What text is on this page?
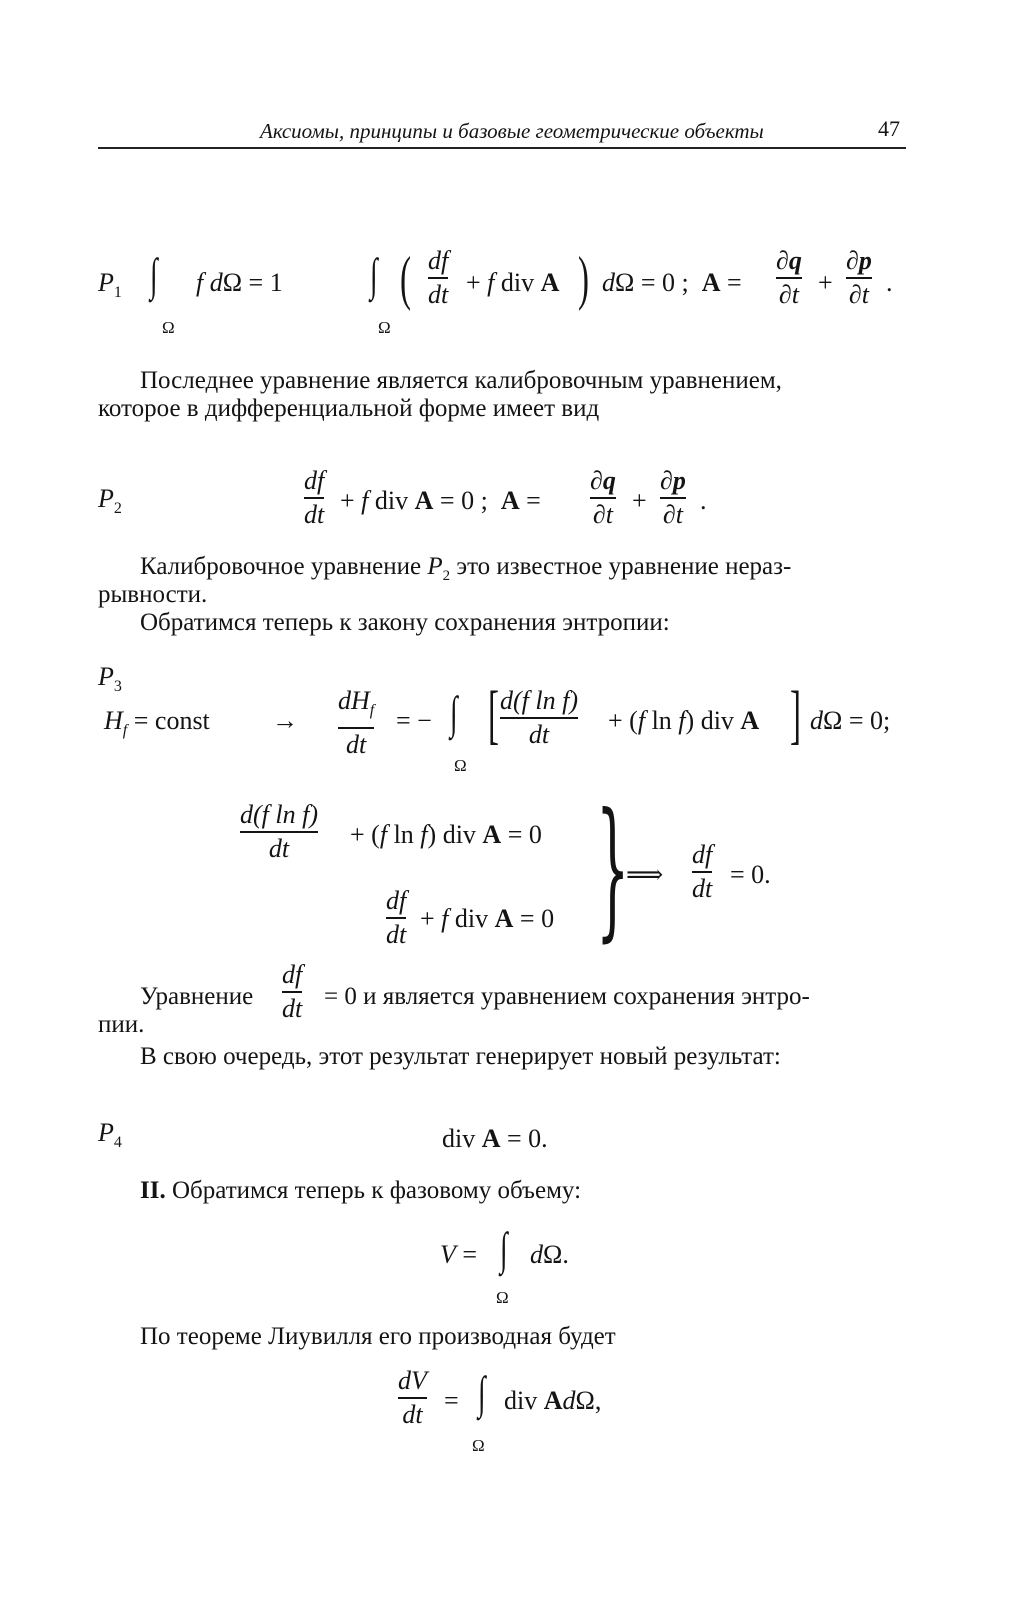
Аксиомы, принципы и базовые геометрические объекты	47
$P_1$ ∫
Ω
f dΩ = 1 ∫
Ω
( df
dt + f div A ) dΩ = 0 ;  A =
∂q
∂t +
∂p
∂t .
Последнее уравнение является калибровочным уравнением,
которое в дифференциальной форме имеет вид
$P_2$
df
dt + f div A = 0 ;  A =
∂q
∂t +
∂p
∂t .
Калибровочное уравнение $P_2$ это известное уравнение нераз-
рывности.
Обратимся теперь к закону сохранения энтропии:
$P_3$
$H_f$ = const →
$dH_f$
dt
= − ∫
Ω
[ d(f ln f)
dt + (f ln f) div A ] dΩ = 0;
d(f ln f)
dt + (f ln f) div A = 0
df
dt
+ f div A = 0 }
⟹
df
dt = 0.
Уравнение
df
dt = 0 и является уравнением сохранения энтро-
пии.
В свою очередь, этот результат генерирует новый результат:
$P_4$	div A = 0.
II. Обратимся теперь к фазовому объему:
V = ∫
Ω
dΩ.
По теореме Лиувилля его производная будет
dV
dt = ∫
Ω
div AdΩ,
